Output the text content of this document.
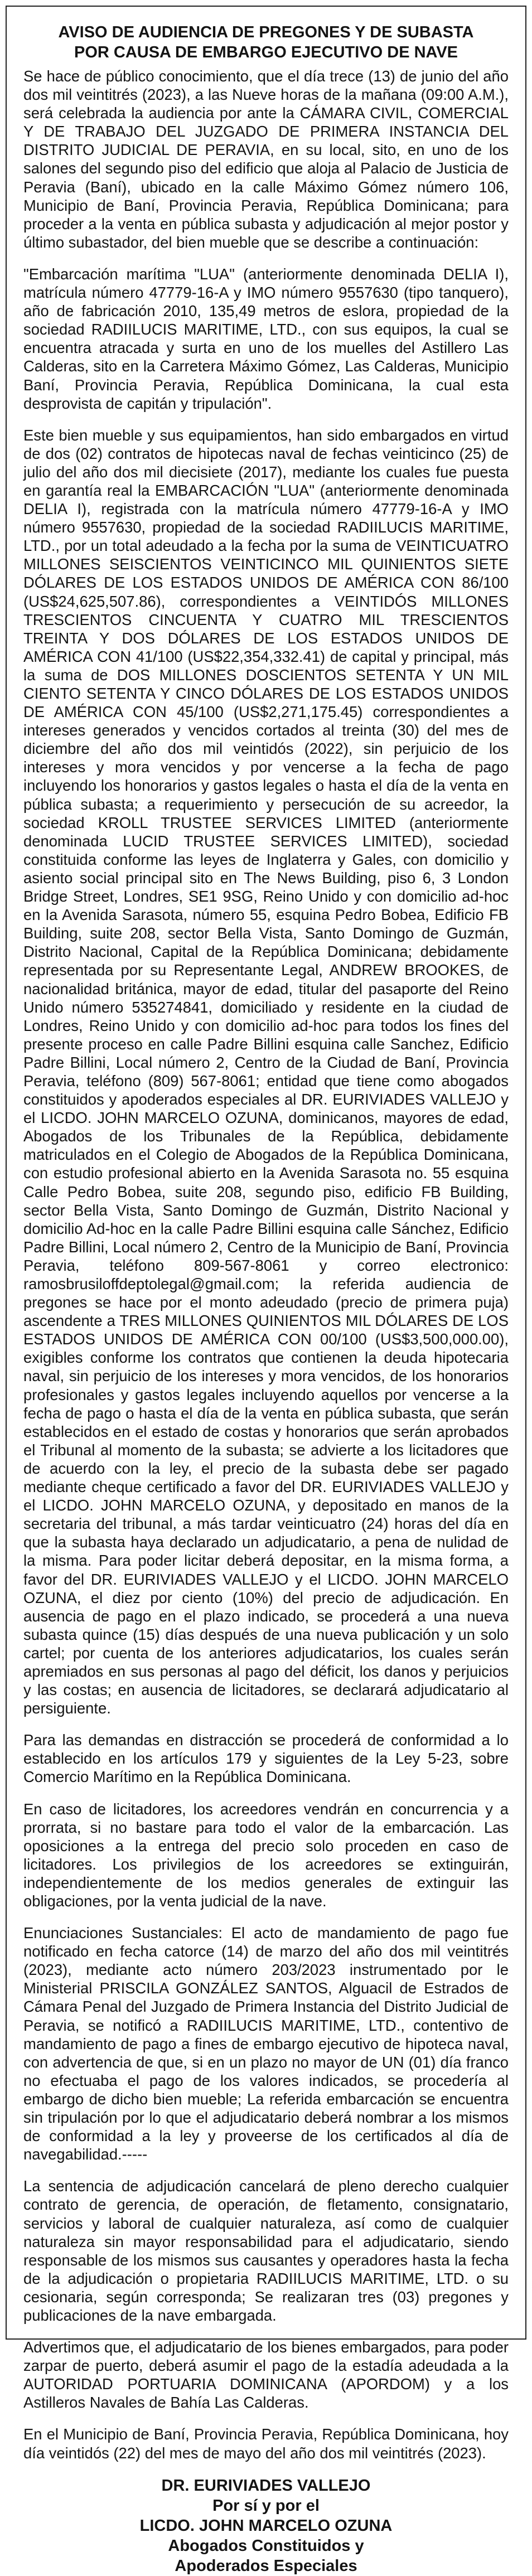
AVISO DE AUDIENCIA DE PREGONES Y DE SUBASTA
POR CAUSA DE EMBARGO EJECUTIVO DE NAVE

Se hace de público conocimiento, que el día trece (13) de junio del año dos mil veintitrés (2023), a las Nueve horas de la mañana (09:00 A.M.), será celebrada la audiencia por ante la CÁMARA CIVIL, COMERCIAL Y DE TRABAJO DEL JUZGADO DE PRIMERA INSTANCIA DEL DISTRITO JUDICIAL DE PERAVIA, en su local, sito, en uno de los salones del segundo piso del edificio que aloja al Palacio de Justicia de Peravia (Baní), ubicado en la calle Máximo Gómez número 106, Municipio de Baní, Provincia Peravia, República Dominicana; para proceder a la venta en pública subasta y adjudicación al mejor postor y último subastador, del bien mueble que se describe a continuación:

"Embarcación marítima "LUA" (anteriormente denominada DELIA I), matrícula número 47779-16-A y IMO número 9557630 (tipo tanquero), año de fabricación 2010, 135,49 metros de eslora, propiedad de la sociedad RADIILUCIS MARITIME, LTD., con sus equipos, la cual se encuentra atracada y surta en uno de los muelles del Astillero Las Calderas, sito en la Carretera Máximo Gómez, Las Calderas, Municipio Baní, Provincia Peravia, República Dominicana, la cual esta desprovista de capitán y tripulación".

Este bien mueble y sus equipamientos, han sido embargados en virtud de dos (02) contratos de hipotecas naval de fechas veinticinco (25) de julio del año dos mil diecisiete (2017), mediante los cuales fue puesta en garantía real la EMBARCACIÓN "LUA" (anteriormente denominada DELIA I), registrada con la matrícula número 47779-16-A y IMO número 9557630, propiedad de la sociedad RADIILUCIS MARITIME, LTD., por un total adeudado a la fecha por la suma de VEINTICUATRO MILLONES SEISCIENTOS VEINTICINCO MIL QUINIENTOS SIETE DÓLARES DE LOS ESTADOS UNIDOS DE AMÉRICA CON 86/100 (US$24,625,507.86), correspondientes a VEINTIDÓS MILLONES TRESCIENTOS CINCUENTA Y CUATRO MIL TRESCIENTOS TREINTA Y DOS DÓLARES DE LOS ESTADOS UNIDOS DE AMÉRICA CON 41/100 (US$22,354,332.41) de capital y principal, más la suma de DOS MILLONES DOSCIENTOS SETENTA Y UN MIL CIENTO SETENTA Y CINCO DÓLARES DE LOS ESTADOS UNIDOS DE AMÉRICA CON 45/100 (US$2,271,175.45) correspondientes a intereses generados y vencidos cortados al treinta (30) del mes de diciembre del año dos mil veintidós (2022), sin perjuicio de los intereses y mora vencidos y por vencerse a la fecha de pago incluyendo los honorarios y gastos legales o hasta el día de la venta en pública subasta; a requerimiento y persecución de su acreedor, la sociedad KROLL TRUSTEE SERVICES LIMITED (anteriormente denominada LUCID TRUSTEE SERVICES LIMITED), sociedad constituida conforme las leyes de Inglaterra y Gales, con domicilio y asiento social principal sito en The News Building, piso 6, 3 London Bridge Street, Londres, SE1 9SG, Reino Unido y con domicilio ad-hoc en la Avenida Sarasota, número 55, esquina Pedro Bobea, Edificio FB Building, suite 208, sector Bella Vista, Santo Domingo de Guzmán, Distrito Nacional, Capital de la República Dominicana; debidamente representada por su Representante Legal, ANDREW BROOKES, de nacionalidad británica, mayor de edad, titular del pasaporte del Reino Unido número 535274841, domiciliado y residente en la ciudad de Londres, Reino Unido y con domicilio ad-hoc para todos los fines del presente proceso en calle Padre Billini esquina calle Sanchez, Edificio Padre Billini, Local número 2, Centro de la Ciudad de Baní, Provincia Peravia, teléfono (809) 567-8061; entidad que tiene como abogados constituidos y apoderados especiales al DR. EURIVIADES VALLEJO y el LICDO. JOHN MARCELO OZUNA, dominicanos, mayores de edad, Abogados de los Tribunales de la República, debidamente matriculados en el Colegio de Abogados de la República Dominicana, con estudio profesional abierto en la Avenida Sarasota no. 55 esquina Calle Pedro Bobea, suite 208, segundo piso, edificio FB Building, sector Bella Vista, Santo Domingo de Guzmán, Distrito Nacional y domicilio Ad-hoc en la calle Padre Billini esquina calle Sánchez, Edificio Padre Billini, Local número 2, Centro de la Municipio de Baní, Provincia Peravia, teléfono 809-567-8061 y correo electronico: ramosbrusiloffdeptolegal@gmail.com; la referida audiencia de pregones se hace por el monto adeudado (precio de primera puja) ascendente a TRES MILLONES QUINIENTOS MIL DÓLARES DE LOS ESTADOS UNIDOS DE AMÉRICA CON 00/100 (US$3,500,000.00), exigibles conforme los contratos que contienen la deuda hipotecaria naval, sin perjuicio de los intereses y mora vencidos, de los honorarios profesionales y gastos legales incluyendo aquellos por vencerse a la fecha de pago o hasta el día de la venta en pública subasta, que serán establecidos en el estado de costas y honorarios que serán aprobados el Tribunal al momento de la subasta; se advierte a los licitadores que de acuerdo con la ley, el precio de la subasta debe ser pagado mediante cheque certificado a favor del DR. EURIVIADES VALLEJO y el LICDO. JOHN MARCELO OZUNA, y depositado en manos de la secretaria del tribunal, a más tardar veinticuatro (24) horas del día en que la subasta haya declarado un adjudicatario, a pena de nulidad de la misma. Para poder licitar deberá depositar, en la misma forma, a favor del DR. EURIVIADES VALLEJO y el LICDO. JOHN MARCELO OZUNA, el diez por ciento (10%) del precio de adjudicación. En ausencia de pago en el plazo indicado, se procederá a una nueva subasta quince (15) días después de una nueva publicación y un solo cartel; por cuenta de los anteriores adjudicatarios, los cuales serán apremiados en sus personas al pago del déficit, los danos y perjuicios y las costas; en ausencia de licitadores, se declarará adjudicatario al persiguiente.

Para las demandas en distracción se procederá de conformidad a lo establecido en los artículos 179 y siguientes de la Ley 5-23, sobre Comercio Marítimo en la República Dominicana.

En caso de licitadores, los acreedores vendrán en concurrencia y a prorrata, si no bastare para todo el valor de la embarcación. Las oposiciones a la entrega del precio solo proceden en caso de licitadores. Los privilegios de los acreedores se extinguirán, independientemente de los medios generales de extinguir las obligaciones, por la venta judicial de la nave.

Enunciaciones Sustanciales: El acto de mandamiento de pago fue notificado en fecha catorce (14) de marzo del año dos mil veintitrés (2023), mediante acto número 203/2023 instrumentado por le Ministerial PRISCILA GONZÁLEZ SANTOS, Alguacil de Estrados de Cámara Penal del Juzgado de Primera Instancia del Distrito Judicial de Peravia, se notificó a RADIILUCIS MARITIME, LTD., contentivo de mandamiento de pago a fines de embargo ejecutivo de hipoteca naval, con advertencia de que, si en un plazo no mayor de UN (01) día franco no efectuaba el pago de los valores indicados, se procedería al embargo de dicho bien mueble; La referida embarcación se encuentra sin tripulación por lo que el adjudicatario deberá nombrar a los mismos de conformidad a la ley y proveerse de los certificados al día de navegabilidad.-----

La sentencia de adjudicación cancelará de pleno derecho cualquier contrato de gerencia, de operación, de fletamento, consignatario, servicios y laboral de cualquier naturaleza, así como de cualquier naturaleza sin mayor responsabilidad para el adjudicatario, siendo responsable de los mismos sus causantes y operadores hasta la fecha de la adjudicación o propietaria RADIILUCIS MARITIME, LTD. o su cesionaria, según corresponda; Se realizaran tres (03) pregones y publicaciones de la nave embargada.

Advertimos que, el adjudicatario de los bienes embargados, para poder zarpar de puerto, deberá asumir el pago de la estadía adeudada a la AUTORIDAD PORTUARIA DOMINICANA (APORDOM) y a los Astilleros Navales de Bahía Las Calderas.

En el Municipio de Baní, Provincia Peravia, República Dominicana, hoy día veintidós (22) del mes de mayo del año dos mil veintitrés (2023).

DR. EURIVIADES VALLEJO
Por sí y por el
LICDO. JOHN MARCELO OZUNA
Abogados Constituidos y
Apoderados Especiales
